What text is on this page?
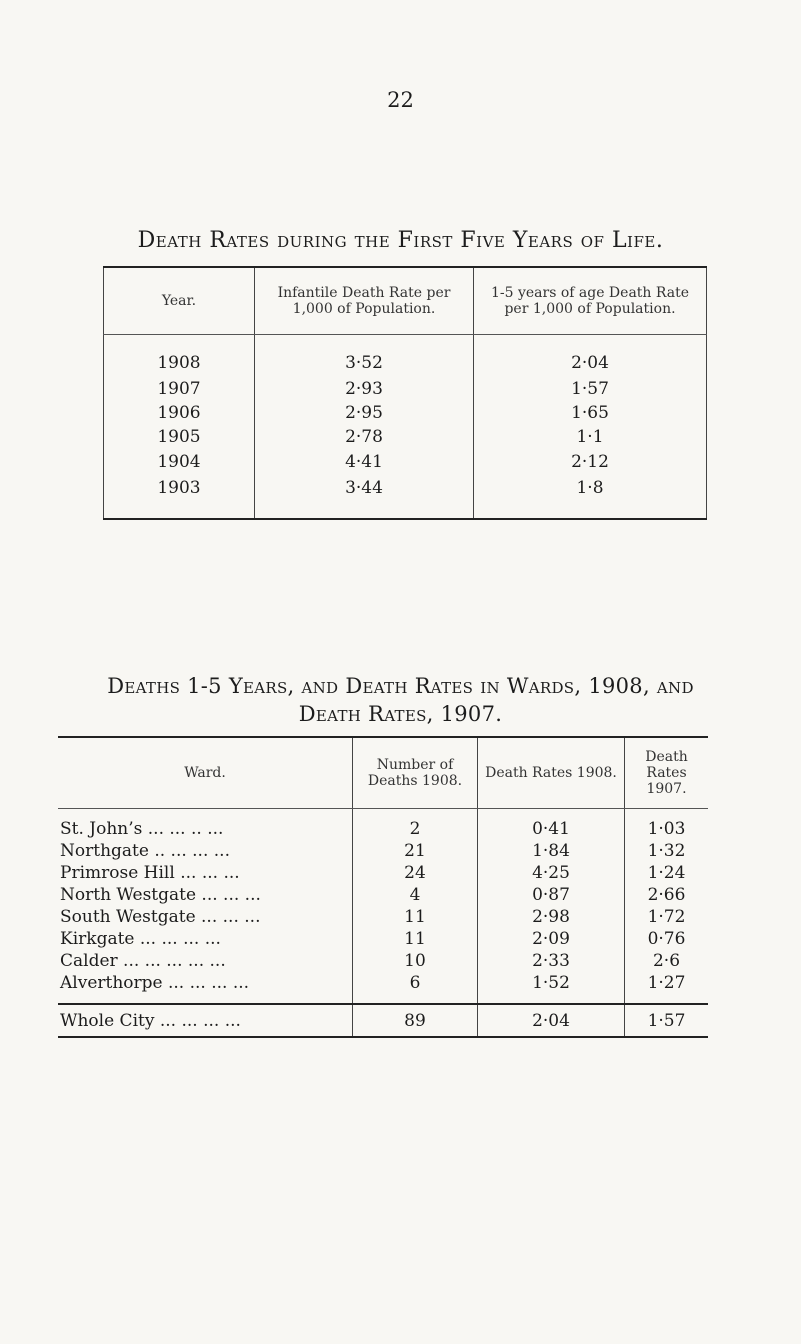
22
Death Rates during the First Five Years of Life.
Year.	Infantile Death Rate per 1,000 of Population.	1-5 years of age Death Rate per 1,000 of Population.
1908	3·52	2·04
1907	2·93	1·57
1906	2·95	1·65
1905	2·78	1·1
1904	4·41	2·12
1903	3·44	1·8
Deaths 1-5 Years, and Death Rates in Wards, 1908, and
Death Rates, 1907.
Ward.	Number of Deaths 1908.	Death Rates 1908.	Death Rates 1907.
St. John’s ... ... .. ...	2	0·41	1·03
Northgate .. ... ... ...	21	1·84	1·32
Primrose Hill ... ... ...	24	4·25	1·24
North Westgate ... ... ...	4	0·87	2·66
South Westgate ... ... ...	11	2·98	1·72
Kirkgate ... ... ... ...	11	2·09	0·76
Calder ... ... ... ... ...	10	2·33	2·6
Alverthorpe ... ... ... ...	6	1·52	1·27
Whole City ... ... ... ...	89	2·04	1·57
